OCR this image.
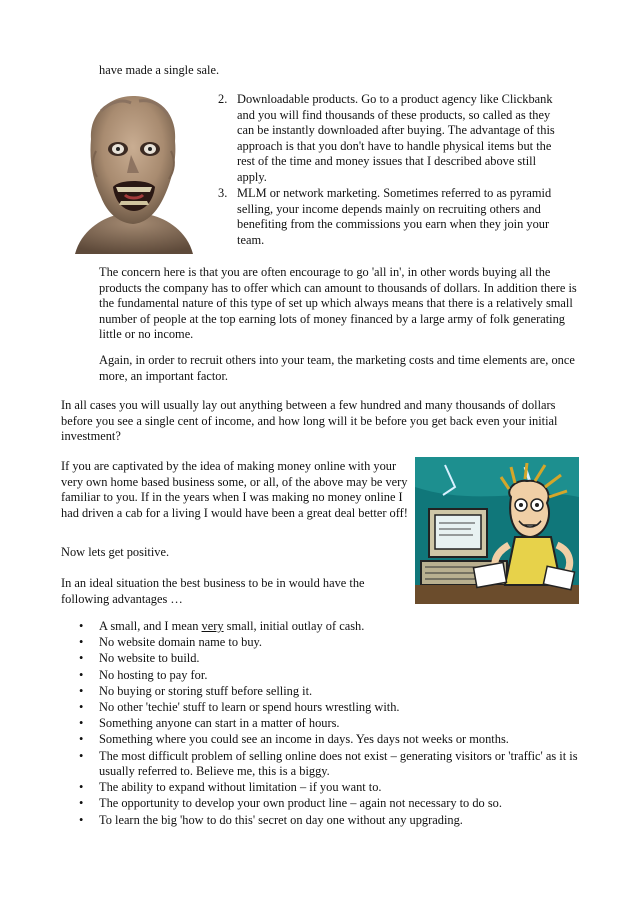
have made a single sale.

2. Downloadable products. Go to a product agency like Clickbank and you will find thousands of these products, so called as they can be instantly downloaded after buying. The advantage of this approach is that you don't have to handle physical items but the rest of the time and money issues that I described above still apply.

3. MLM or network marketing. Sometimes referred to as pyramid selling, your income depends mainly on recruiting others and benefiting from the commissions you earn when they join your team.

The concern here is that you are often encourage to go 'all in', in other words buying all the products the company has to offer which can amount to thousands of dollars. In addition there is the fundamental nature of this type of set up which always means that there is a relatively small number of people at the top earning lots of money financed by a large army of folk generating little or no income.

Again, in order to recruit others into your team, the marketing costs and time elements are, once more, an important factor.

In all cases you will usually lay out anything between a few hundred and many thousands of dollars before you see a single cent of income, and how long will it be before you get back even your initial investment?

If you are captivated by the idea of making money online with your very own home based business some, or all, of the above may be very familiar to you. If in the years when I was making no money online I had driven a cab for a living I would have been a great deal better off!

Now lets get positive.

In an ideal situation the best business to be in would have the following advantages …

• A small, and I mean very small, initial outlay of cash.
• No website domain name to buy.
• No website to build.
• No hosting to pay for.
• No buying or storing stuff before selling it.
• No other 'techie' stuff to learn or spend hours wrestling with.
• Something anyone can start in a matter of hours.
• Something where you could see an income in days. Yes days not weeks or months.
• The most difficult problem of selling online does not exist – generating visitors or 'traffic' as it is usually referred to. Believe me, this is a biggy.
• The ability to expand without limitation – if you want to.
• The opportunity to develop your own product line – again not necessary to do so.
• To learn the big 'how to do this' secret on day one without any upgrading.
